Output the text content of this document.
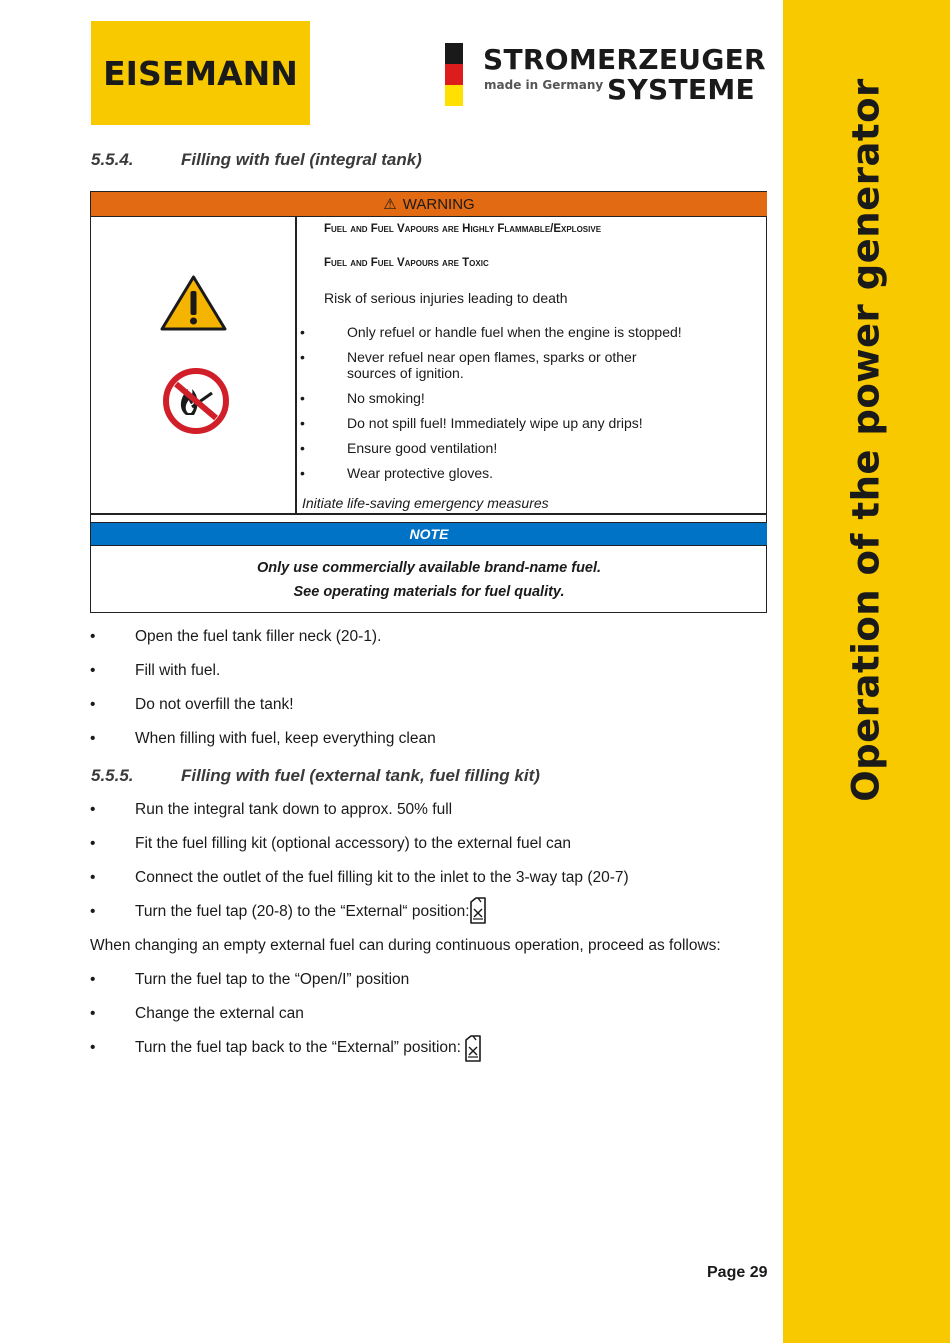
Operation of the power generator
EISEMANN	STROMERZEUGER
made in Germany SYSTEME
5.5.4.	Filling with fuel (integral tank)
⚠ WARNING
Fuel and Fuel Vapours are Highly Flammable/Explosive
Fuel and Fuel Vapours are Toxic
Risk of serious injuries leading to death
•	Only refuel or handle fuel when the engine is stopped!
•	Never refuel near open flames, sparks or other sources of ignition.
•	No smoking!
•	Do not spill fuel! Immediately wipe up any drips!
•	Ensure good ventilation!
•	Wear protective gloves.
Initiate life-saving emergency measures
NOTE
Only use commercially available brand-name fuel.
See operating materials for fuel quality.
•	Open the fuel tank filler neck (20-1).
•	Fill with fuel.
•	Do not overfill the tank!
•	When filling with fuel, keep everything clean
5.5.5.	Filling with fuel (external tank, fuel filling kit)
•	Run the integral tank down to approx. 50% full
•	Fit the fuel filling kit (optional accessory) to the external fuel can
•	Connect the outlet of the fuel filling kit to the inlet to the 3-way tap (20-7)
•	Turn the fuel tap (20-8) to the “External“ position:
When changing an empty external fuel can during continuous operation, proceed as follows:
•	Turn the fuel tap to the “Open/I” position
•	Change the external can
•	Turn the fuel tap back to the “External” position:
Page 29
